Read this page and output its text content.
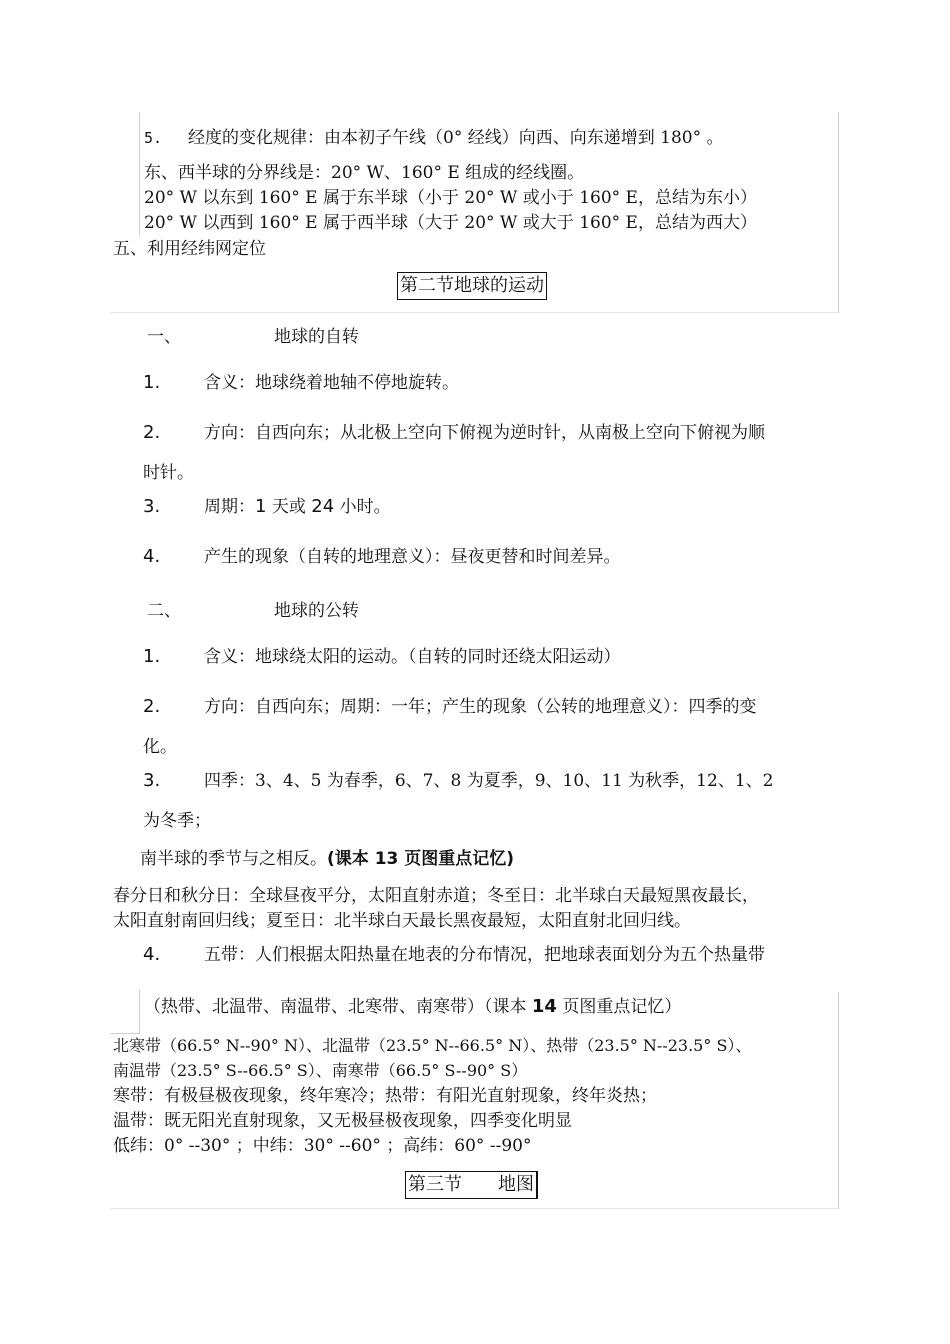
5. 经度的变化规律：由本初子午线（0° 经线）向西、向东递增到 180° 。
东、西半球的分界线是：20° W、160° E 组成的经线圈。
20° W 以东到 160° E 属于东半球（小于 20° W 或小于 160° E，总结为东小）
20° W 以西到 160° E 属于西半球（大于 20° W 或大于 160° E，总结为西大）
五、利用经纬网定位
第二节地球的运动
一、	地球的自转
1.	含义：地球绕着地轴不停地旋转。
2.	方向：自西向东；从北极上空向下俯视为逆时针，从南极上空向下俯视为顺
时针。
3.	周期：1 天或 24 小时。
4.	产生的现象（自转的地理意义）：昼夜更替和时间差异。
二、	地球的公转
1.	含义：地球绕太阳的运动。（自转的同时还绕太阳运动）
2.	方向：自西向东；周期：一年；产生的现象（公转的地理意义）：四季的变
化。
3.	四季：3、4、5 为春季，6、7、8 为夏季，9、10、11 为秋季，12、1、2
为冬季；
南半球的季节与之相反。(课本 13 页图重点记忆)
春分日和秋分日：全球昼夜平分，太阳直射赤道；冬至日：北半球白天最短黑夜最长，
太阳直射南回归线；夏至日：北半球白天最长黑夜最短，太阳直射北回归线。
4.	五带：人们根据太阳热量在地表的分布情况，把地球表面划分为五个热量带
（热带、北温带、南温带、北寒带、南寒带）（课本 14 页图重点记忆）
北寒带（66.5° N--90° N）、北温带（23.5° N--66.5° N）、热带（23.5° N--23.5° S）、
南温带（23.5° S--66.5° S）、南寒带（66.5° S--90° S）
寒带：有极昼极夜现象，终年寒冷；热带：有阳光直射现象，终年炎热；
温带：既无阳光直射现象，又无极昼极夜现象，四季变化明显
低纬：0° --30° ；中纬：30° --60° ；高纬：60° --90°
第三节　　地图
